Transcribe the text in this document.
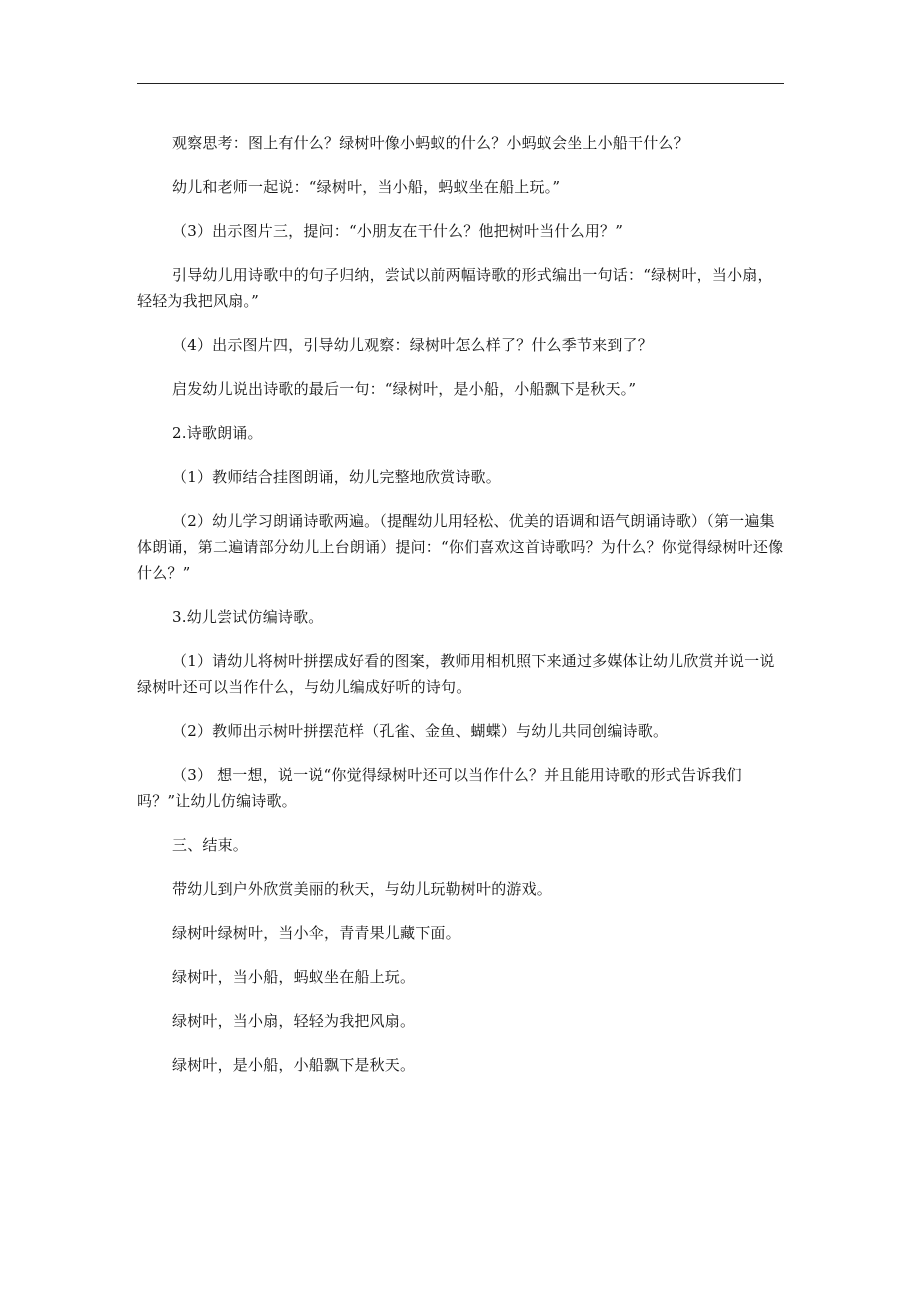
观察思考：图上有什么？绿树叶像小蚂蚁的什么？小蚂蚁会坐上小船干什么？

幼儿和老师一起说：“绿树叶，当小船，蚂蚁坐在船上玩。”

（3）出示图片三，提问：“小朋友在干什么？他把树叶当什么用？”

引导幼儿用诗歌中的句子归纳，尝试以前两幅诗歌的形式编出一句话：“绿树叶，当小扇，轻轻为我把风扇。”

（4）出示图片四，引导幼儿观察：绿树叶怎么样了？什么季节来到了？

启发幼儿说出诗歌的最后一句：“绿树叶，是小船，小船飘下是秋天。”

2.诗歌朗诵。

（1）教师结合挂图朗诵，幼儿完整地欣赏诗歌。

（2）幼儿学习朗诵诗歌两遍。（提醒幼儿用轻松、优美的语调和语气朗诵诗歌）（第一遍集体朗诵，第二遍请部分幼儿上台朗诵）提问：“你们喜欢这首诗歌吗？为什么？你觉得绿树叶还像什么？”

3.幼儿尝试仿编诗歌。

（1）请幼儿将树叶拼摆成好看的图案，教师用相机照下来通过多媒体让幼儿欣赏并说一说绿树叶还可以当作什么，与幼儿编成好听的诗句。

（2）教师出示树叶拼摆范样（孔雀、金鱼、蝴蝶）与幼儿共同创编诗歌。

（3） 想一想，说一说“你觉得绿树叶还可以当作什么？并且能用诗歌的形式告诉我们吗？”让幼儿仿编诗歌。

三、结束。

带幼儿到户外欣赏美丽的秋天，与幼儿玩勒树叶的游戏。

绿树叶绿树叶，当小伞，青青果儿藏下面。

绿树叶，当小船，蚂蚁坐在船上玩。

绿树叶，当小扇，轻轻为我把风扇。

绿树叶，是小船，小船飘下是秋天。
